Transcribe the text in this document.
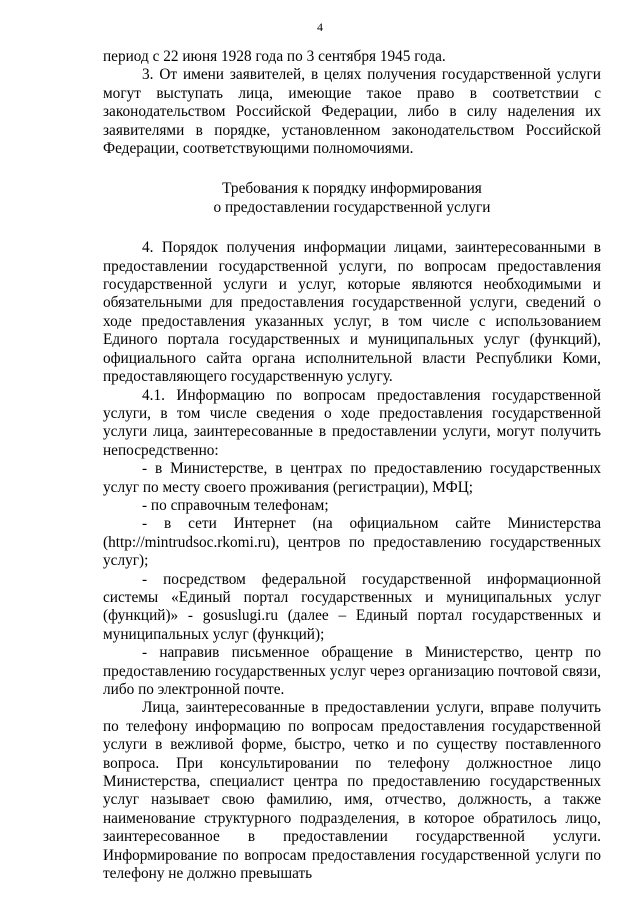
4

период с 22 июня 1928 года по 3 сентября 1945 года.

3. От имени заявителей, в целях получения государственной услуги могут выступать лица, имеющие такое право в соответствии с законодательством Российской Федерации, либо в силу наделения их заявителями в порядке, установленном законодательством Российской Федерации, соответствующими полномочиями.

Требования к порядку информирования
о предоставлении государственной услуги

4. Порядок получения информации лицами, заинтересованными в предоставлении государственной услуги, по вопросам предоставления государственной услуги и услуг, которые являются необходимыми и обязательными для предоставления государственной услуги, сведений о ходе предоставления указанных услуг, в том числе с использованием Единого портала государственных и муниципальных услуг (функций), официального сайта органа исполнительной власти Республики Коми, предоставляющего государственную услугу.

4.1. Информацию по вопросам предоставления государственной услуги, в том числе сведения о ходе предоставления государственной услуги лица, заинтересованные в предоставлении услуги, могут получить непосредственно:

- в Министерстве, в центрах по предоставлению государственных услуг по месту своего проживания (регистрации), МФЦ;

- по справочным телефонам;

- в сети Интернет (на официальном сайте Министерства (http://mintrudsoc.rkomi.ru), центров по предоставлению государственных услуг);

- посредством федеральной государственной информационной системы «Единый портал государственных и муниципальных услуг (функций)» - gosuslugi.ru (далее – Единый портал государственных и муниципальных услуг (функций);

- направив письменное обращение в Министерство, центр по предоставлению государственных услуг через организацию почтовой связи, либо по электронной почте.

Лица, заинтересованные в предоставлении услуги, вправе получить по телефону информацию по вопросам предоставления государственной услуги в вежливой форме, быстро, четко и по существу поставленного вопроса. При консультировании по телефону должностное лицо Министерства, специалист центра по предоставлению государственных услуг называет свою фамилию, имя, отчество, должность, а также наименование структурного подразделения, в которое обратилось лицо, заинтересованное в предоставлении государственной услуги. Информирование по вопросам предоставления государственной услуги по телефону не должно превышать
